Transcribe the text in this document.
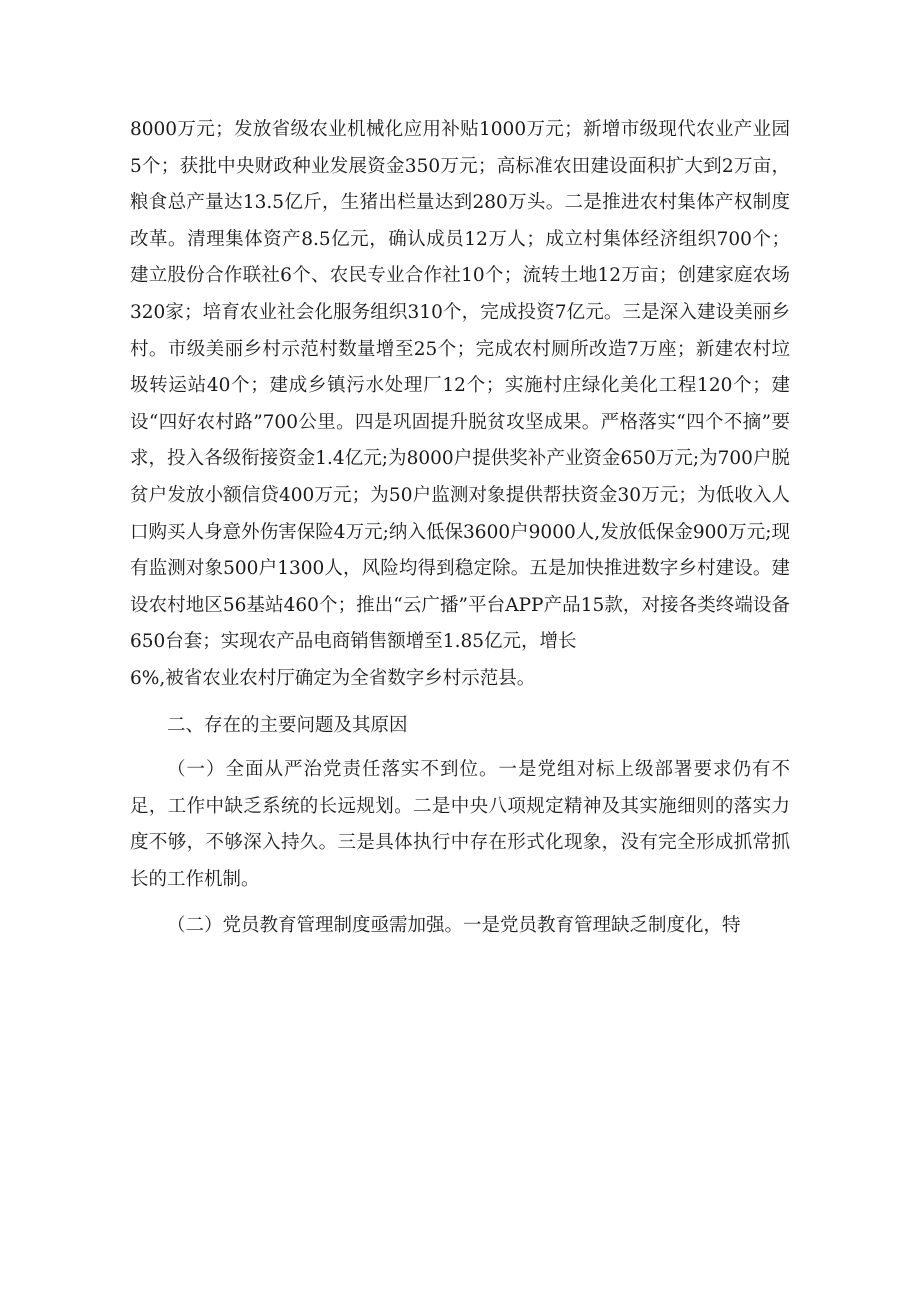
8000万元；发放省级农业机械化应用补贴1000万元；新增市级现代农业产业园5个；获批中央财政种业发展资金350万元；高标准农田建设面积扩大到2万亩，粮食总产量达13.5亿斤，生猪出栏量达到280万头。二是推进农村集体产权制度改革。清理集体资产8.5亿元，确认成员12万人；成立村集体经济组织700个；建立股份合作联社6个、农民专业合作社10个；流转土地12万亩；创建家庭农场320家；培育农业社会化服务组织310个，完成投资7亿元。三是深入建设美丽乡村。市级美丽乡村示范村数量增至25个；完成农村厕所改造7万座；新建农村垃圾转运站40个；建成乡镇污水处理厂12个；实施村庄绿化美化工程120个；建设“四好农村路”700公里。四是巩固提升脱贫攻坚成果。严格落实“四个不摘”要求，投入各级衔接资金1.4亿元;为8000户提供奖补产业资金650万元;为700户脱贫户发放小额信贷400万元；为50户监测对象提供帮扶资金30万元；为低收入人口购买人身意外伤害保险4万元;纳入低保3600户9000人,发放低保金900万元;现有监测对象500户1300人，风险均得到稳定除。五是加快推进数字乡村建设。建设农村地区56基站460个；推出“云广播”平台APP产品15款，对接各类终端设备650台套；实现农产品电商销售额增至1.85亿元，增长

6%,被省农业农村厅确定为全省数字乡村示范县。

二、存在的主要问题及其原因

（一）全面从严治党责任落实不到位。一是党组对标上级部署要求仍有不足，工作中缺乏系统的长远规划。二是中央八项规定精神及其实施细则的落实力度不够，不够深入持久。三是具体执行中存在形式化现象，没有完全形成抓常抓长的工作机制。

（二）党员教育管理制度亟需加强。一是党员教育管理缺乏制度化，特
